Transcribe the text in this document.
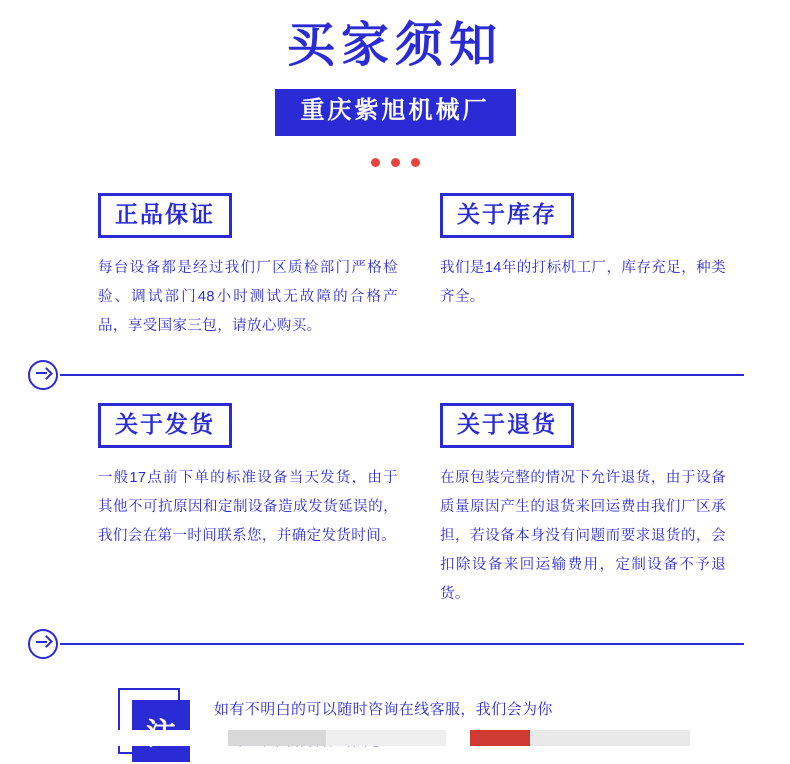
买家须知
重庆紫旭机械厂
正品保证

每台设备都是经过我们厂区质检部门严格检验、调试部门48小时测试无故障的合格产品，享受国家三包，请放心购买。

关于库存

我们是14年的打标机工厂，库存充足，种类齐全。

关于发货

一般17点前下单的标准设备当天发货，由于其他不可抗原因和定制设备造成发货延误的，我们会在第一时间联系您，并确定发货时间。

关于退货

在原包装完整的情况下允许退货，由于设备质量原因产生的退货来回运费由我们厂区承担，若设备本身没有问题而要求退货的，会扣除设备来回运输费用，定制设备不予退货。

如有不明白的可以随时咨询在线客服，我们会为你
